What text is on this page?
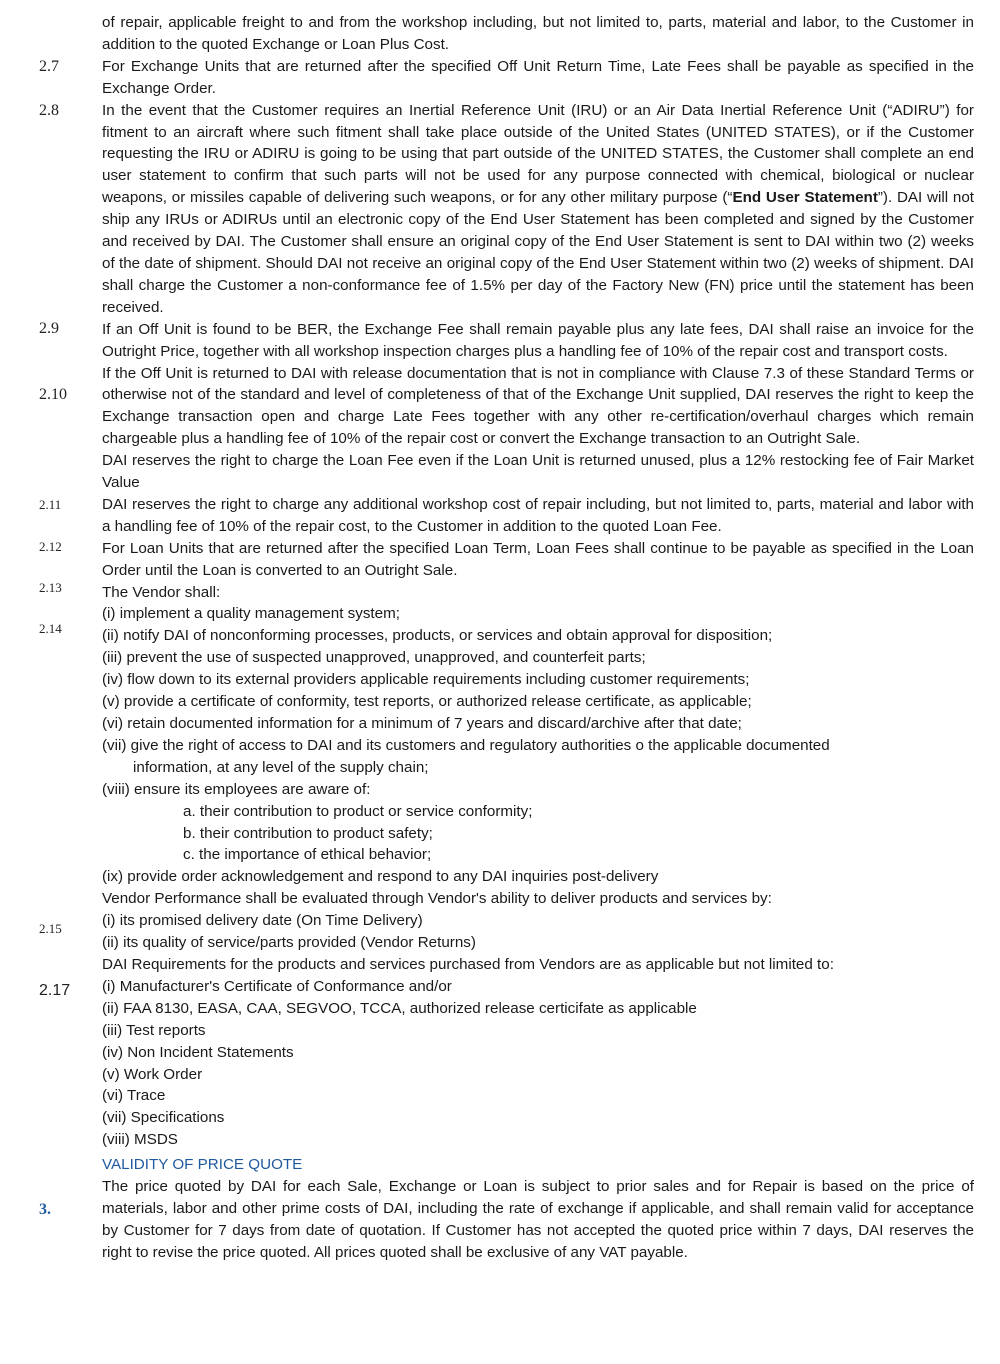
2.7
2.8
2.9
2.10
2.11
2.12
2.13
2.14
2.15
2.17
3.

of repair, applicable freight to and from the workshop including, but not limited to, parts, material and labor, to the Customer in addition to the quoted Exchange or Loan Plus Cost.

For Exchange Units that are returned after the specified Off Unit Return Time, Late Fees shall be payable as specified in the Exchange Order.

In the event that the Customer requires an Inertial Reference Unit (IRU) or an Air Data Inertial Reference Unit (“ADIRU”) for fitment to an aircraft where such fitment shall take place outside of the United States (UNITED STATES), or if the Customer requesting the IRU or ADIRU is going to be using that part outside of the UNITED STATES, the Customer shall complete an end user statement to confirm that such parts will not be used for any purpose connected with chemical, biological or nuclear weapons, or missiles capable of delivering such weapons, or for any other military purpose (“End User Statement”). DAI will not ship any IRUs or ADIRUs until an electronic copy of the End User Statement has been completed and signed by the Customer and received by DAI. The Customer shall ensure an original copy of the End User Statement is sent to DAI within two (2) weeks of the date of shipment. Should DAI not receive an original copy of the End User Statement within two (2) weeks of shipment. DAI shall charge the Customer a non-conformance fee of 1.5% per day of the Factory New (FN) price until the statement has been received.

If an Off Unit is found to be BER, the Exchange Fee shall remain payable plus any late fees, DAI shall raise an invoice for the Outright Price, together with all workshop inspection charges plus a handling fee of 10% of the repair cost and transport costs.

If the Off Unit is returned to DAI with release documentation that is not in compliance with Clause 7.3 of these Standard Terms or otherwise not of the standard and level of completeness of that of the Exchange Unit supplied, DAI reserves the right to keep the Exchange transaction open and charge Late Fees together with any other re-certification/overhaul charges which remain chargeable plus a handling fee of 10% of the repair cost or convert the Exchange transaction to an Outright Sale.

DAI reserves the right to charge the Loan Fee even if the Loan Unit is returned unused, plus a 12% restocking fee of Fair Market Value

DAI reserves the right to charge any additional workshop cost of repair including, but not limited to, parts, material and labor with a handling fee of 10% of the repair cost, to the Customer in addition to the quoted Loan Fee.

For Loan Units that are returned after the specified Loan Term, Loan Fees shall continue to be payable as specified in the Loan Order until the Loan is converted to an Outright Sale.

The Vendor shall:

(i) implement a quality management system;
(ii) notify DAI of nonconforming processes, products, or services and obtain approval for disposition;
(iii) prevent the use of suspected unapproved, unapproved, and counterfeit parts;
(iv) flow down to its external providers applicable requirements including customer requirements;
(v) provide a certificate of conformity, test reports, or authorized release certificate, as applicable;
(vi) retain documented information for a minimum of 7 years and discard/archive after that date;
(vii) give the right of access to DAI and its customers and regulatory authorities o the applicable documented
information, at any level of the supply chain;
(viii) ensure its employees are aware of:
a. their contribution to product or service conformity;
b. their contribution to product safety;
c. the importance of ethical behavior;
(ix) provide order acknowledgement and respond to any DAI inquiries post-delivery
Vendor Performance shall be evaluated through Vendor's ability to deliver products and services by:
(i) its promised delivery date (On Time Delivery)
(ii) its quality of service/parts provided (Vendor Returns)
DAI Requirements for the products and services purchased from Vendors are as applicable but not limited to:
(i) Manufacturer's Certificate of Conformance and/or
(ii) FAA 8130, EASA, CAA, SEGVOO, TCCA, authorized release certicifate as applicable
(iii) Test reports
(iv) Non Incident Statements
(v) Work Order
(vi) Trace
(vii) Specifications
(viii) MSDS
VALIDITY OF PRICE QUOTE

The price quoted by DAI for each Sale, Exchange or Loan is subject to prior sales and for Repair is based on the price of materials, labor and other prime costs of DAI, including the rate of exchange if applicable, and shall remain valid for acceptance by Customer for 7 days from date of quotation. If Customer has not accepted the quoted price within 7 days, DAI reserves the right to revise the price quoted. All prices quoted shall be exclusive of any VAT payable.
